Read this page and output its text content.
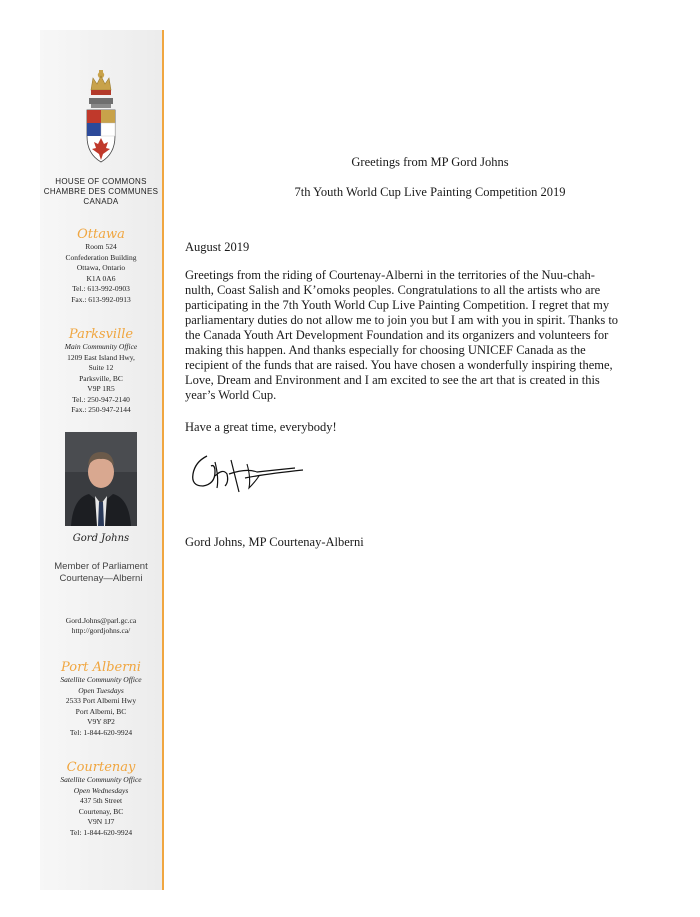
HOUSE OF COMMONS
CHAMBRE DES COMMUNES
CANADA
Ottawa
Room 524
Confederation Building
Ottawa, Ontario
K1A 0A6
Tel.: 613-992-0903
Fax.: 613-992-0913
Parksville
Main Community Office
1209 East Island Hwy,
Suite 12
Parksville, BC
V9P 1R5
Tel.: 250-947-2140
Fax.: 250-947-2144
Gord Johns
Member of Parliament
Courtenay—Alberni
Gord.Johns@parl.gc.ca
http://gordjohns.ca/
Port Alberni
Satellite Community Office
Open Tuesdays
2533 Port Alberni Hwy
Port Alberni, BC
V9Y 8P2
Tel: 1-844-620-9924
Courtenay
Satellite Community Office
Open Wednesdays
437 5th Street
Courtenay, BC
V9N 1J7
Tel: 1-844-620-9924
Greetings from MP Gord Johns
7th Youth World Cup Live Painting Competition 2019
August 2019
Greetings from the riding of Courtenay-Alberni in the territories of the Nuu-chah-
nulth, Coast Salish and K’omoks peoples. Congratulations to all the artists who are
participating in the 7th Youth World Cup Live Painting Competition. I regret that my
parliamentary duties do not allow me to join you but I am with you in spirit. Thanks to
the Canada Youth Art Development Foundation and its organizers and volunteers for
making this happen. And thanks especially for choosing UNICEF Canada as the
recipient of the funds that are raised. You have chosen a wonderfully inspiring theme,
Love, Dream and Environment and I am excited to see the art that is created in this
year’s World Cup.
Have a great time, everybody!
Gord Johns, MP Courtenay-Alberni
